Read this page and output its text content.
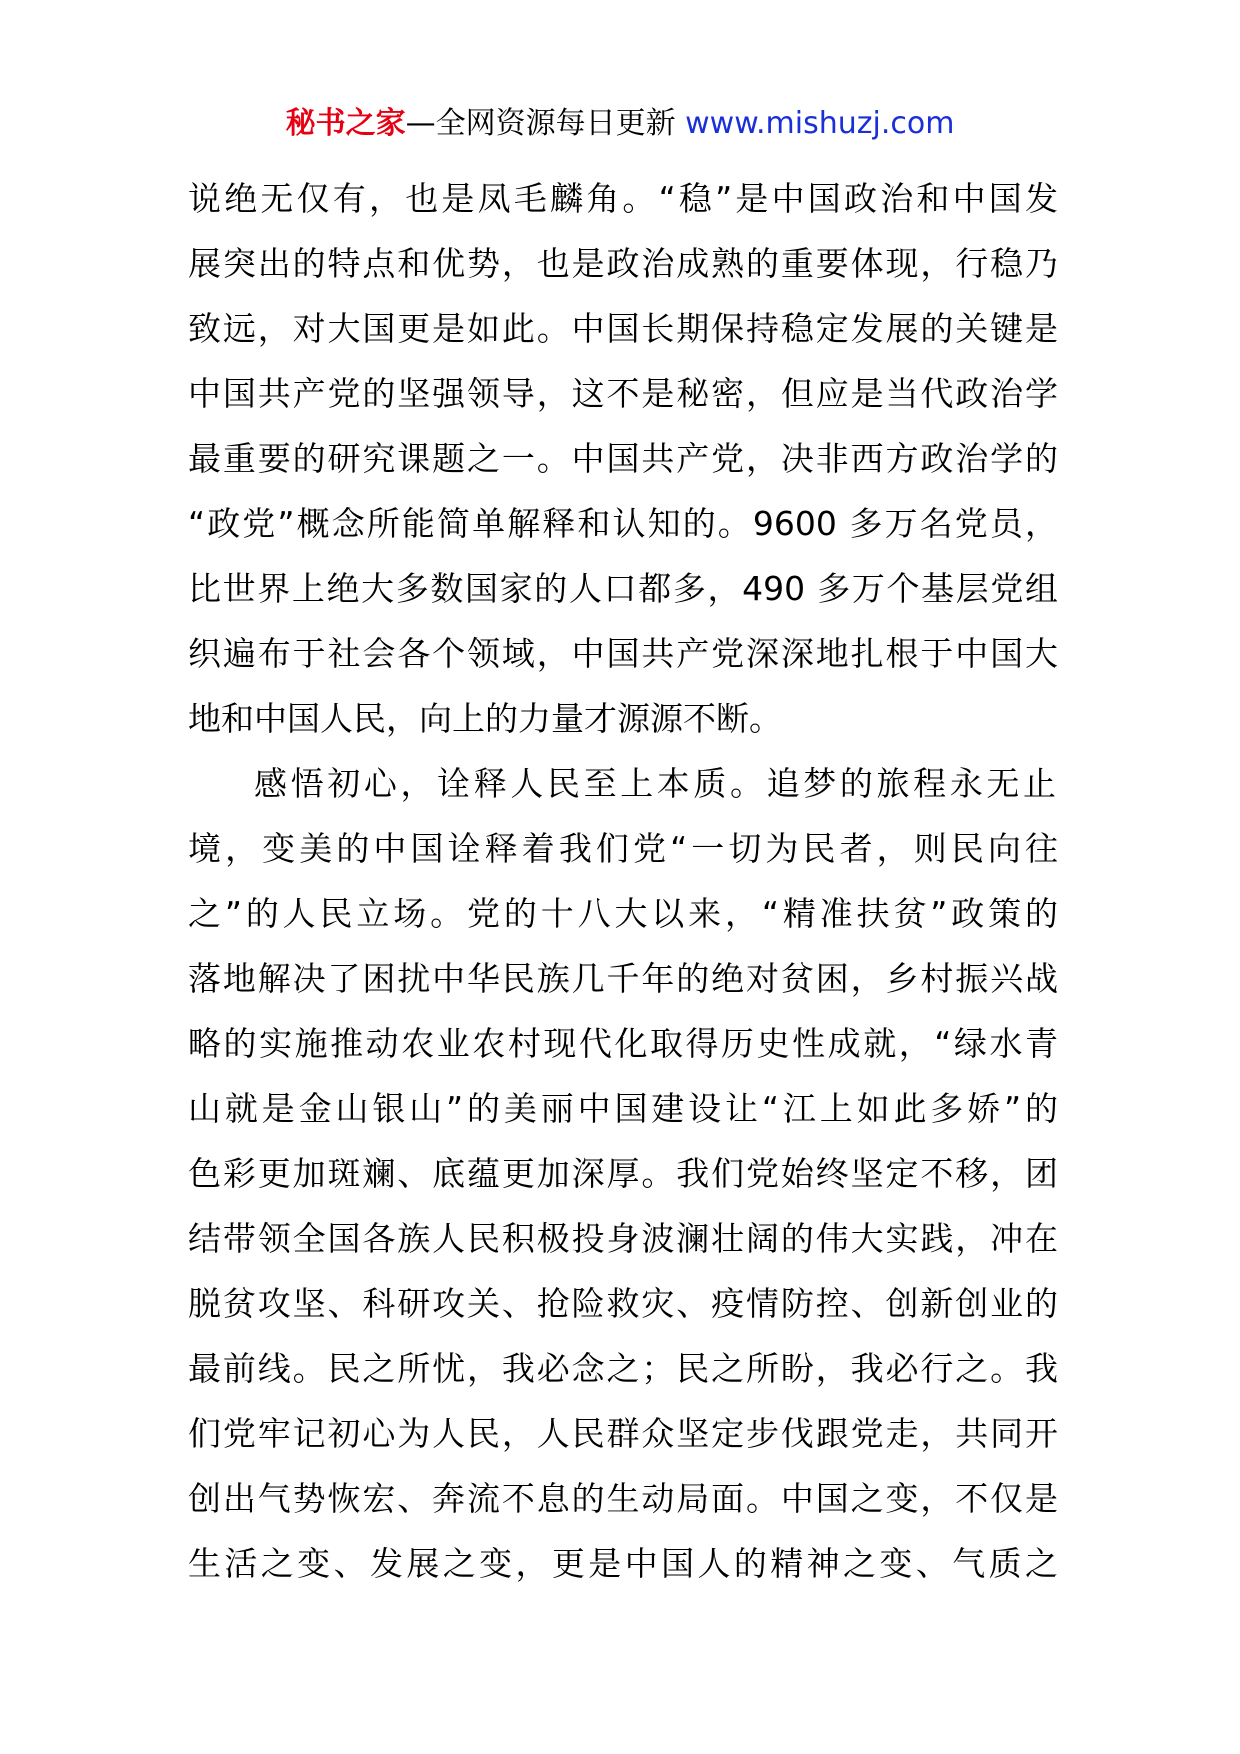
秘书之家—全网资源每日更新 www.mishuzj.com
说绝无仅有，也是凤毛麟角。“稳”是中国政治和中国发
展突出的特点和优势，也是政治成熟的重要体现，行稳乃
致远，对大国更是如此。中国长期保持稳定发展的关键是
中国共产党的坚强领导，这不是秘密，但应是当代政治学
最重要的研究课题之一。中国共产党，决非西方政治学的
“政党”概念所能简单解释和认知的。9600 多万名党员，
比世界上绝大多数国家的人口都多，490 多万个基层党组
织遍布于社会各个领域，中国共产党深深地扎根于中国大
地和中国人民，向上的力量才源源不断。
感悟初心，诠释人民至上本质。追梦的旅程永无止
境，变美的中国诠释着我们党“一切为民者，则民向往
之”的人民立场。党的十八大以来，“精准扶贫”政策的
落地解决了困扰中华民族几千年的绝对贫困，乡村振兴战
略的实施推动农业农村现代化取得历史性成就，“绿水青
山就是金山银山”的美丽中国建设让“江上如此多娇”的
色彩更加斑斓、底蕴更加深厚。我们党始终坚定不移，团
结带领全国各族人民积极投身波澜壮阔的伟大实践，冲在
脱贫攻坚、科研攻关、抢险救灾、疫情防控、创新创业的
最前线。民之所忧，我必念之；民之所盼，我必行之。我
们党牢记初心为人民，人民群众坚定步伐跟党走，共同开
创出气势恢宏、奔流不息的生动局面。中国之变，不仅是
生活之变、发展之变，更是中国人的精神之变、气质之
